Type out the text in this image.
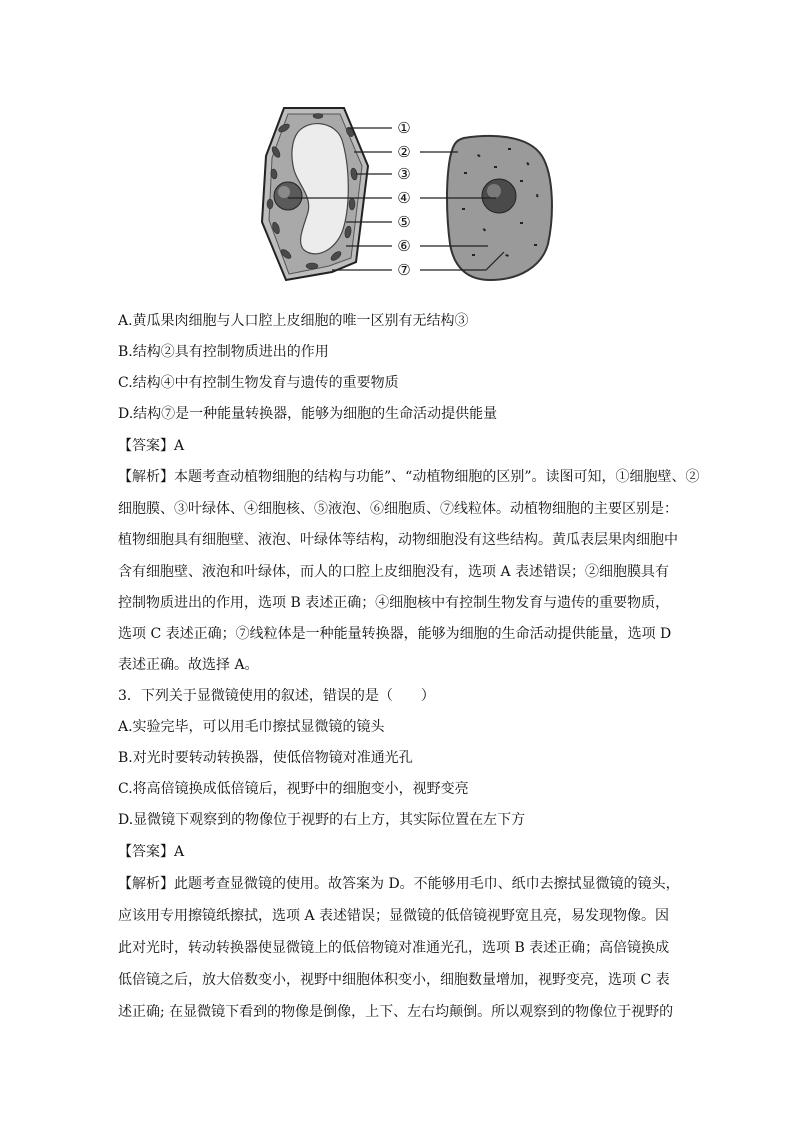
①
②
③
④
⑤
⑥
⑦
A.黄瓜果肉细胞与人口腔上皮细胞的唯一区别有无结构③
B.结构②具有控制物质进出的作用
C.结构④中有控制生物发育与遗传的重要物质
D.结构⑦是一种能量转换器，能够为细胞的生命活动提供能量
【答案】A
【解析】本题考查动植物细胞的结构与功能”、“动植物细胞的区别”。读图可知，①细胞壁、②
细胞膜、③叶绿体、④细胞核、⑤液泡、⑥细胞质、⑦线粒体。动植物细胞的主要区别是：
植物细胞具有细胞壁、液泡、叶绿体等结构，动物细胞没有这些结构。黄瓜表层果肉细胞中
含有细胞壁、液泡和叶绿体，而人的口腔上皮细胞没有，选项 A 表述错误；②细胞膜具有
控制物质进出的作用，选项 B 表述正确；④细胞核中有控制生物发育与遗传的重要物质，
选项 C 表述正确；⑦线粒体是一种能量转换器，能够为细胞的生命活动提供能量，选项 D
表述正确。故选择 A。
3．下列关于显微镜使用的叙述，错误的是（　　）
A.实验完毕，可以用毛巾擦拭显微镜的镜头
B.对光时要转动转换器，使低倍物镜对准通光孔
C.将高倍镜换成低倍镜后，视野中的细胞变小，视野变亮
D.显微镜下观察到的物像位于视野的右上方，其实际位置在左下方
【答案】A
【解析】此题考查显微镜的使用。故答案为 D。不能够用毛巾、纸巾去擦拭显微镜的镜头，
应该用专用擦镜纸擦拭，选项 A 表述错误；显微镜的低倍镜视野宽且亮，易发现物像。因
此对光时，转动转换器使显微镜上的低倍物镜对准通光孔，选项 B 表述正确；高倍镜换成
低倍镜之后，放大倍数变小，视野中细胞体积变小，细胞数量增加，视野变亮，选项 C 表
述正确; 在显微镜下看到的物像是倒像，上下、左右均颠倒。所以观察到的物像位于视野的
